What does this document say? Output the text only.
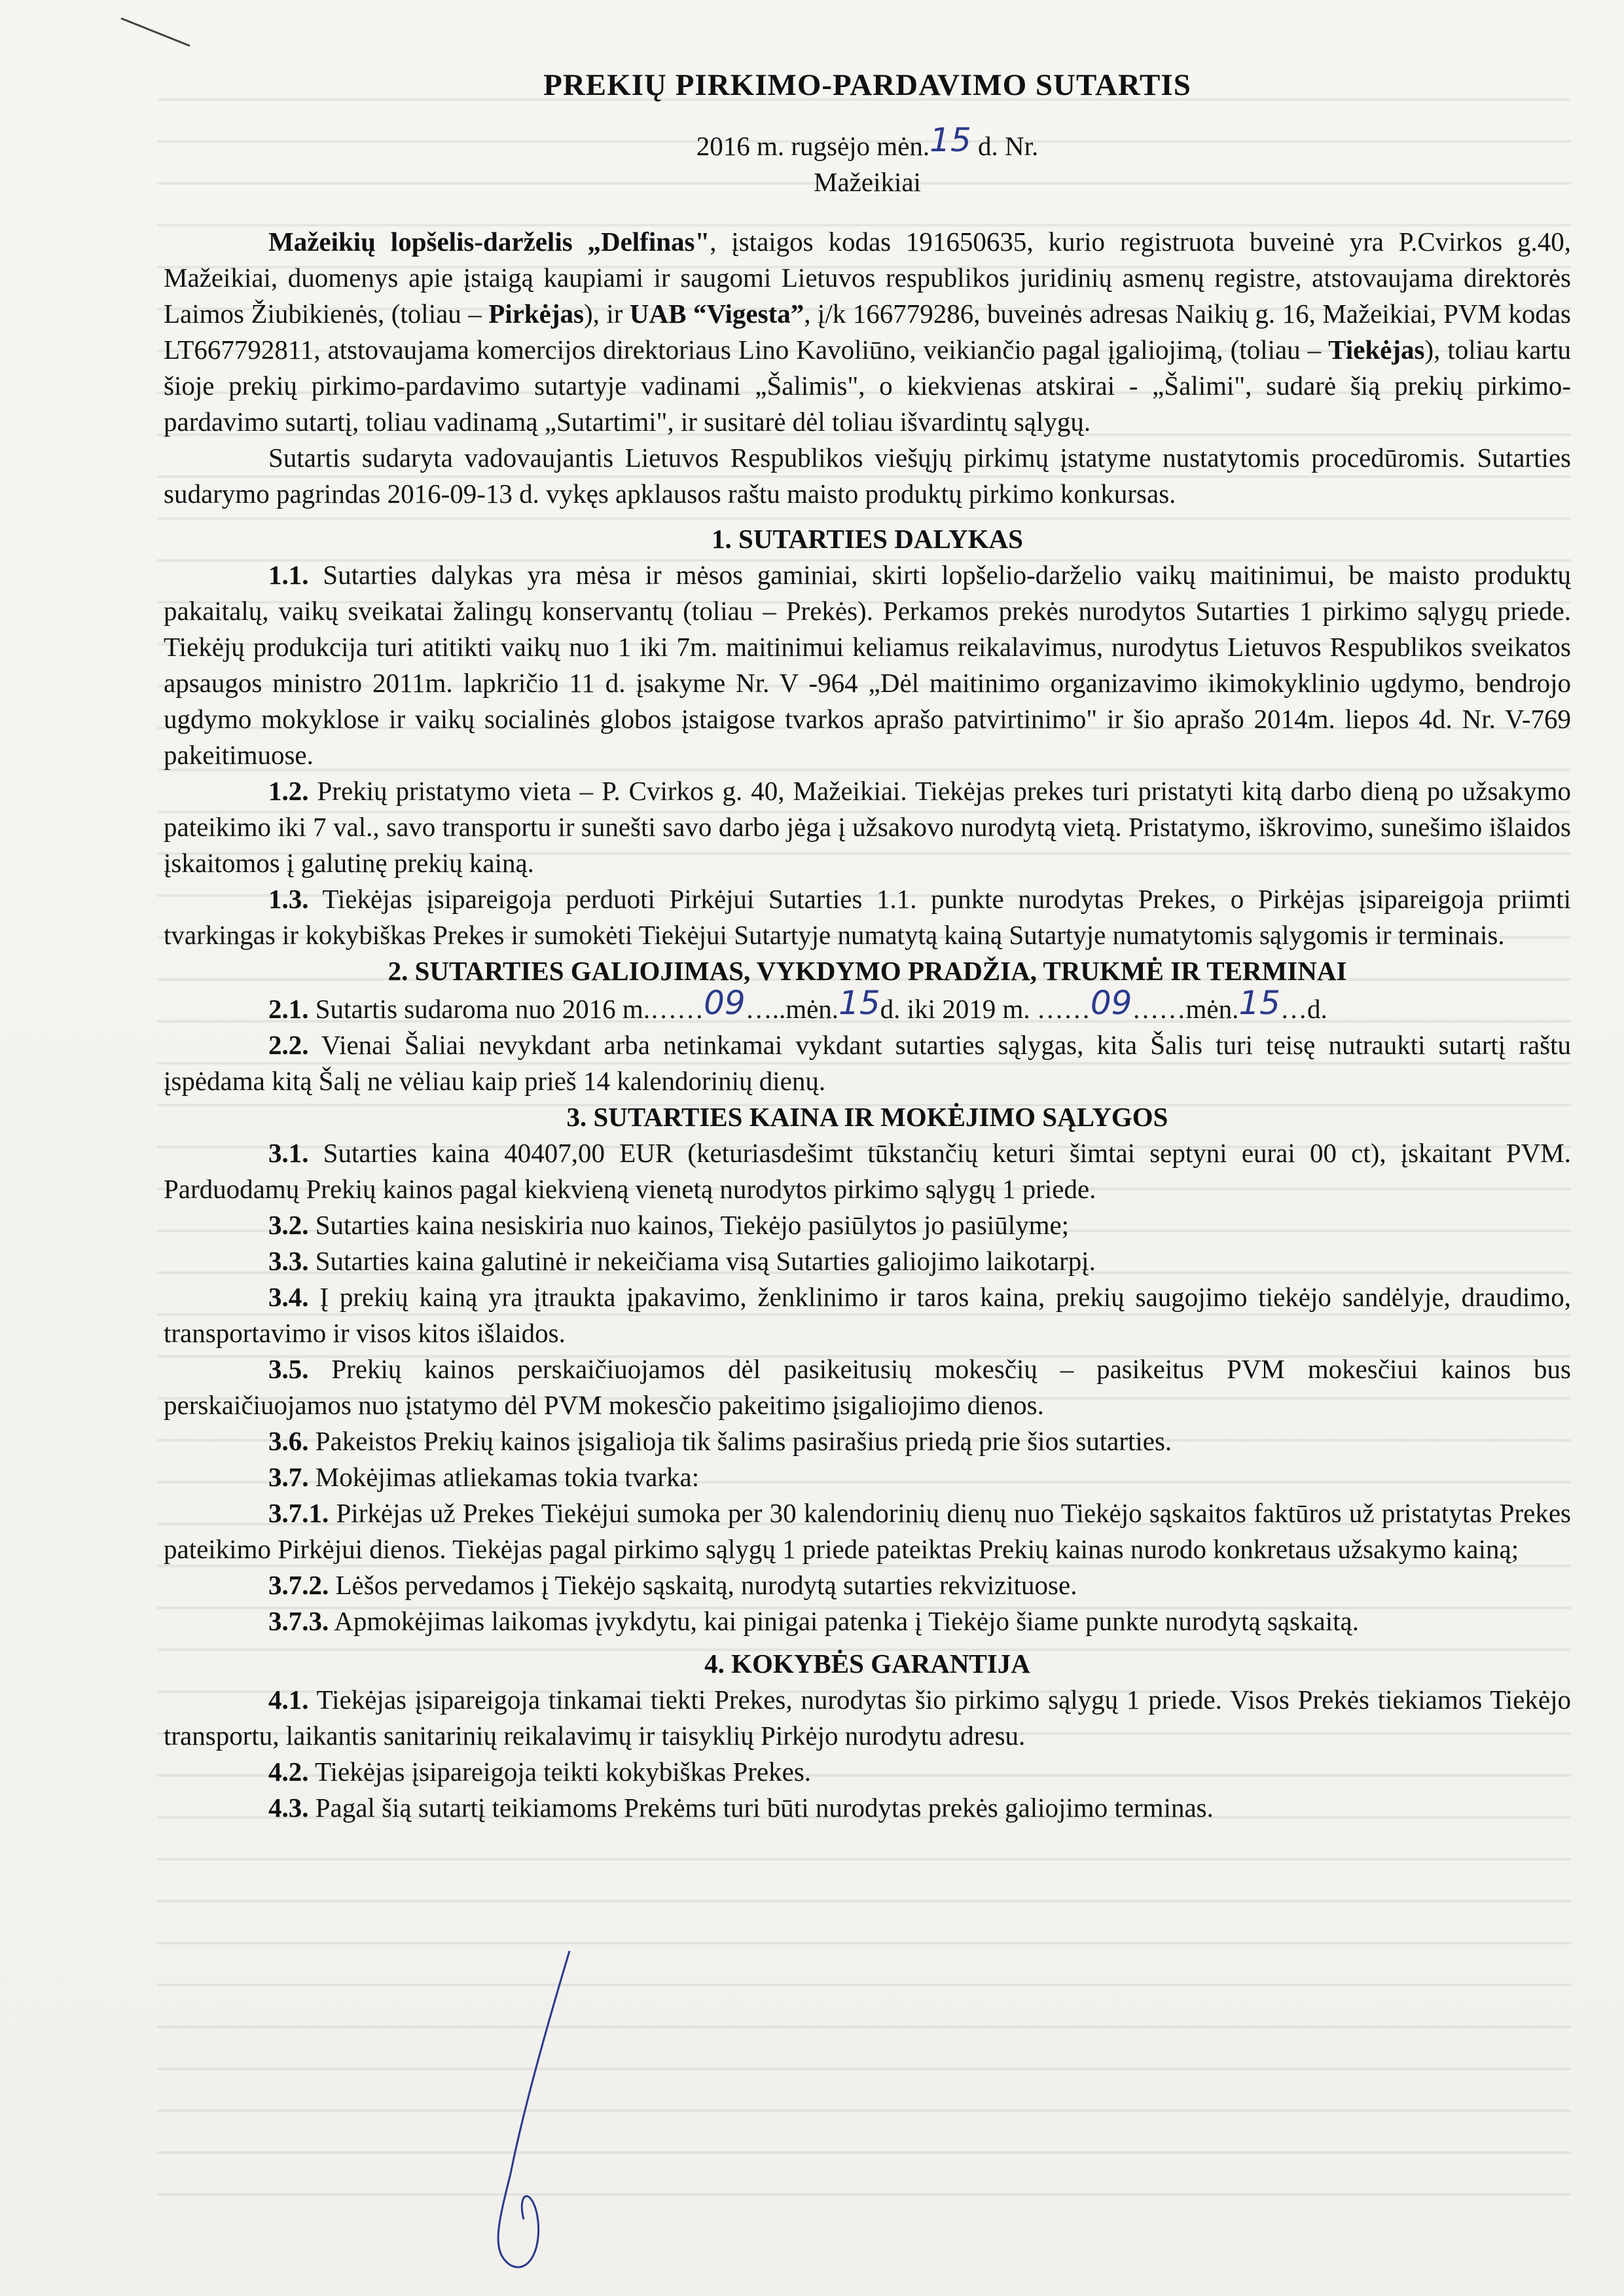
PREKIŲ PIRKIMO-PARDAVIMO SUTARTIS

2016 m. rugsėjo mėn.15 d. Nr.

Mažeikiai

Mažeikių lopšelis-darželis „Delfinas", įstaigos kodas 191650635, kurio registruota buveinė yra P.Cvirkos g.40, Mažeikiai, duomenys apie įstaigą kaupiami ir saugomi Lietuvos respublikos juridinių asmenų registre, atstovaujama direktorės Laimos Žiubikienės, (toliau – Pirkėjas), ir UAB “Vigesta”, į/k 166779286, buveinės adresas Naikių g. 16, Mažeikiai, PVM kodas LT667792811, atstovaujama komercijos direktoriaus Lino Kavoliūno, veikiančio pagal įgaliojimą, (toliau – Tiekėjas), toliau kartu šioje prekių pirkimo-pardavimo sutartyje vadinami „Šalimis", o kiekvienas atskirai - „Šalimi", sudarė šią prekių pirkimo-pardavimo sutartį, toliau vadinamą „Sutartimi", ir susitarė dėl toliau išvardintų sąlygų.

Sutartis sudaryta vadovaujantis Lietuvos Respublikos viešųjų pirkimų įstatyme nustatytomis procedūromis. Sutarties sudarymo pagrindas 2016-09-13 d. vykęs apklausos raštu maisto produktų pirkimo konkursas.

1. SUTARTIES DALYKAS

1.1. Sutarties dalykas yra mėsa ir mėsos gaminiai, skirti lopšelio-darželio vaikų maitinimui, be maisto produktų pakaitalų, vaikų sveikatai žalingų konservantų (toliau – Prekės). Perkamos prekės nurodytos Sutarties 1 pirkimo sąlygų priede. Tiekėjų produkcija turi atitikti vaikų nuo 1 iki 7m. maitinimui keliamus reikalavimus, nurodytus Lietuvos Respublikos sveikatos apsaugos ministro 2011m. lapkričio 11 d. įsakyme Nr. V -964 „Dėl maitinimo organizavimo ikimokyklinio ugdymo, bendrojo ugdymo mokyklose ir vaikų socialinės globos įstaigose tvarkos aprašo patvirtinimo" ir šio aprašo 2014m. liepos 4d. Nr. V-769 pakeitimuose.

1.2. Prekių pristatymo vieta – P. Cvirkos g. 40, Mažeikiai. Tiekėjas prekes turi pristatyti kitą darbo dieną po užsakymo pateikimo iki 7 val., savo transportu ir sunešti savo darbo jėga į užsakovo nurodytą vietą. Pristatymo, iškrovimo, sunešimo išlaidos įskaitomos į galutinę prekių kainą.

1.3. Tiekėjas įsipareigoja perduoti Pirkėjui Sutarties 1.1. punkte nurodytas Prekes, o Pirkėjas įsipareigoja priimti tvarkingas ir kokybiškas Prekes ir sumokėti Tiekėjui Sutartyje numatytą kainą Sutartyje numatytomis sąlygomis ir terminais.

2. SUTARTIES GALIOJIMAS, VYKDYMO PRADŽIA, TRUKMĖ IR TERMINAI

2.1. Sutartis sudaroma nuo 2016 m.……09…..mėn.15d. iki 2019 m. ……09……mėn.15…d.

2.2. Vienai Šaliai nevykdant arba netinkamai vykdant sutarties sąlygas, kita Šalis turi teisę nutraukti sutartį raštu įspėdama kitą Šalį ne vėliau kaip prieš 14 kalendorinių dienų.

3. SUTARTIES KAINA IR MOKĖJIMO SĄLYGOS

3.1. Sutarties kaina 40407,00 EUR (keturiasdešimt tūkstančių keturi šimtai septyni eurai 00 ct), įskaitant PVM. Parduodamų Prekių kainos pagal kiekvieną vienetą nurodytos pirkimo sąlygų 1 priede.

3.2. Sutarties kaina nesiskiria nuo kainos, Tiekėjo pasiūlytos jo pasiūlyme;

3.3. Sutarties kaina galutinė ir nekeičiama visą Sutarties galiojimo laikotarpį.

3.4. Į prekių kainą yra įtraukta įpakavimo, ženklinimo ir taros kaina, prekių saugojimo tiekėjo sandėlyje, draudimo, transportavimo ir visos kitos išlaidos.

3.5. Prekių kainos perskaičiuojamos dėl pasikeitusių mokesčių – pasikeitus PVM mokesčiui kainos bus perskaičiuojamos nuo įstatymo dėl PVM mokesčio pakeitimo įsigaliojimo dienos.

3.6. Pakeistos Prekių kainos įsigalioja tik šalims pasirašius priedą prie šios sutarties.

3.7. Mokėjimas atliekamas tokia tvarka:

3.7.1. Pirkėjas už Prekes Tiekėjui sumoka per 30 kalendorinių dienų nuo Tiekėjo sąskaitos faktūros už pristatytas Prekes pateikimo Pirkėjui dienos. Tiekėjas pagal pirkimo sąlygų 1 priede pateiktas Prekių kainas nurodo konkretaus užsakymo kainą;

3.7.2. Lėšos pervedamos į Tiekėjo sąskaitą, nurodytą sutarties rekvizituose.

3.7.3. Apmokėjimas laikomas įvykdytu, kai pinigai patenka į Tiekėjo šiame punkte nurodytą sąskaitą.

4. KOKYBĖS GARANTIJA

4.1. Tiekėjas įsipareigoja tinkamai tiekti Prekes, nurodytas šio pirkimo sąlygų 1 priede. Visos Prekės tiekiamos Tiekėjo transportu, laikantis sanitarinių reikalavimų ir taisyklių Pirkėjo nurodytu adresu.

4.2. Tiekėjas įsipareigoja teikti kokybiškas Prekes.

4.3. Pagal šią sutartį teikiamoms Prekėms turi būti nurodytas prekės galiojimo terminas.
